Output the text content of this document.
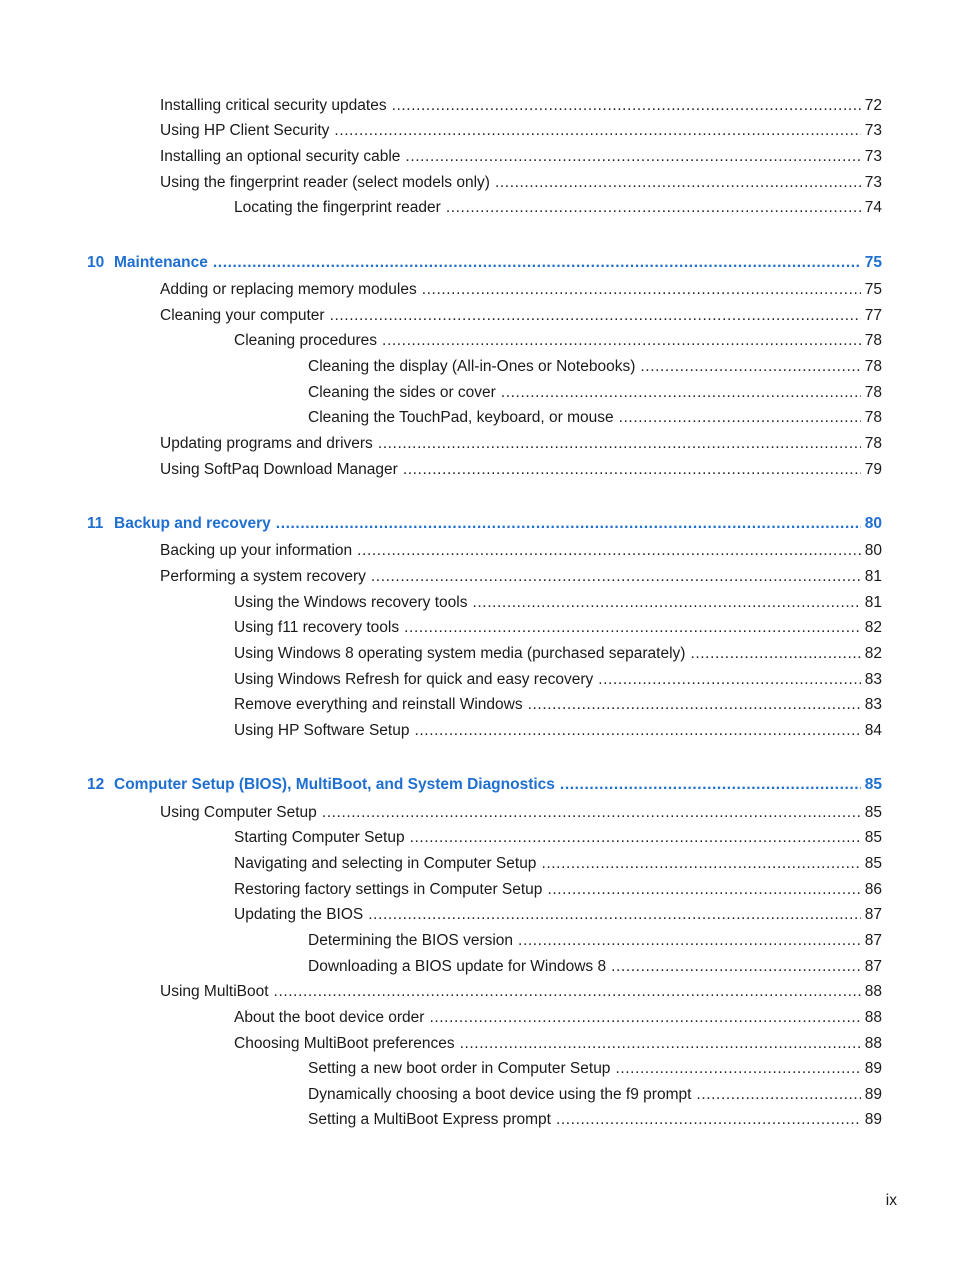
Installing critical security updates .....	72
Using HP Client Security .....	73
Installing an optional security cable .....	73
Using the fingerprint reader (select models only) .....	73
Locating the fingerprint reader .....	74
10 Maintenance .....	75
Adding or replacing memory modules .....	75
Cleaning your computer .....	77
Cleaning procedures .....	78
Cleaning the display (All-in-Ones or Notebooks) .....	78
Cleaning the sides or cover .....	78
Cleaning the TouchPad, keyboard, or mouse .....	78
Updating programs and drivers .....	78
Using SoftPaq Download Manager .....	79
11 Backup and recovery .....	80
Backing up your information .....	80
Performing a system recovery .....	81
Using the Windows recovery tools .....	81
Using f11 recovery tools .....	82
Using Windows 8 operating system media (purchased separately) .....	82
Using Windows Refresh for quick and easy recovery .....	83
Remove everything and reinstall Windows .....	83
Using HP Software Setup .....	84
12 Computer Setup (BIOS), MultiBoot, and System Diagnostics .....	85
Using Computer Setup .....	85
Starting Computer Setup .....	85
Navigating and selecting in Computer Setup .....	85
Restoring factory settings in Computer Setup .....	86
Updating the BIOS .....	87
Determining the BIOS version .....	87
Downloading a BIOS update for Windows 8 .....	87
Using MultiBoot .....	88
About the boot device order .....	88
Choosing MultiBoot preferences .....	88
Setting a new boot order in Computer Setup .....	89
Dynamically choosing a boot device using the f9 prompt .....	89
Setting a MultiBoot Express prompt .....	89
ix
